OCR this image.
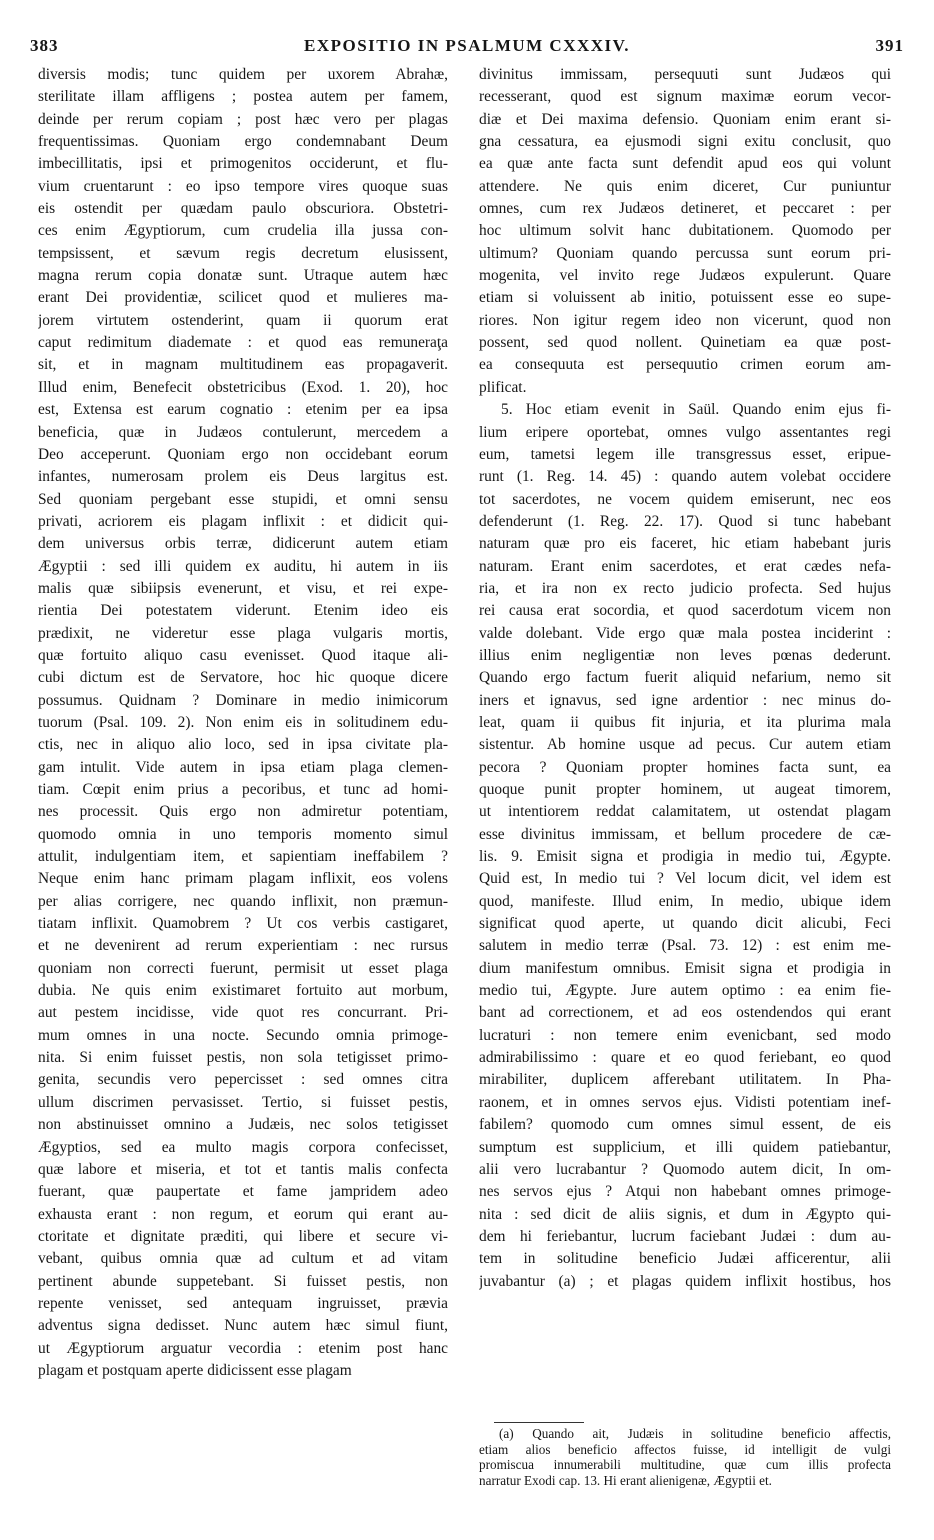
383	EXPOSITIO IN PSALMUM CXXXIV.	391
diversis modis; tunc quidem per uxorem Abrahæ,
sterilitate illam affligens ; postea autem per famem,
deinde per rerum copiam ; post hæc vero per plagas
frequentissimas. Quoniam ergo condemnabant Deum
imbecillitatis, ipsi et primogenitos occiderunt, et flu-
vium cruentarunt : eo ipso tempore vires quoque suas
eis ostendit per quædam paulo obscuriora. Obstetri-
ces enim Ægyptiorum, cum crudelia illa jussa con-
tempsissent, et sævum regis decretum elusissent,
magna rerum copia donatæ sunt. Utraque autem hæc
erant Dei providentiæ, scilicet quod et mulieres ma-
jorem virtutem ostenderint, quam ii quorum erat
caput redimitum diademate : et quod eas remuneraţa
sit, et in magnam multitudinem eas propagaverit.
Illud enim, Benefecit obstetricibus (Exod. 1. 20), hoc
est, Extensa est earum cognatio : etenim per ea ipsa
beneficia, quæ in Judæos contulerunt, mercedem a
Deo acceperunt. Quoniam ergo non occidebant eorum
infantes, numerosam prolem eis Deus largitus est.
Sed quoniam pergebant esse stupidi, et omni sensu
privati, acriorem eis plagam inflixit : et didicit qui-
dem universus orbis terræ, didicerunt autem etiam
Ægyptii : sed illi quidem ex auditu, hi autem in iis
malis quæ sibiipsis evenerunt, et visu, et rei expe-
rientia Dei potestatem viderunt. Etenim ideo eis
prædixit, ne videretur esse plaga vulgaris mortis,
quæ fortuito aliquo casu evenisset. Quod itaque ali-
cubi dictum est de Servatore, hoc hic quoque dicere
possumus. Quidnam ? Dominare in medio inimicorum
tuorum (Psal. 109. 2). Non enim eis in solitudinem edu-
ctis, nec in aliquo alio loco, sed in ipsa civitate pla-
gam intulit. Vide autem in ipsa etiam plaga clemen-
tiam. Cœpit enim prius a pecoribus, et tunc ad homi-
nes processit. Quis ergo non admiretur potentiam,
quomodo omnia in uno temporis momento simul
attulit, indulgentiam item, et sapientiam ineffabilem ?
Neque enim hanc primam plagam inflixit, eos volens
per alias corrigere, nec quando inflixit, non præmun-
tiatam inflixit. Quamobrem ? Ut cos verbis castigaret,
et ne devenirent ad rerum experientiam : nec rursus
quoniam non correcti fuerunt, permisit ut esset plaga
dubia. Ne quis enim existimaret fortuito aut morbum,
aut pestem incidisse, vide quot res concurrant. Pri-
mum omnes in una nocte. Secundo omnia primoge-
nita. Si enim fuisset pestis, non sola tetigisset primo-
genita, secundis vero pepercisset : sed omnes citra
ullum discrimen pervasisset. Tertio, si fuisset pestis,
non abstinuisset omnino a Judæis, nec solos tetigisset
Ægyptios, sed ea multo magis corpora confecisset,
quæ labore et miseria, et tot et tantis malis confecta
fuerant, quæ paupertate et fame jampridem adeo
exhausta erant : non regum, et eorum qui erant au-
ctoritate et dignitate præditi, qui libere et secure vi-
vebant, quibus omnia quæ ad cultum et ad vitam
pertinent abunde suppetebant. Si fuisset pestis, non
repente venisset, sed antequam ingruisset, prævia
adventus signa dedisset. Nunc autem hæc simul fiunt,
ut Ægyptiorum arguatur vecordia : etenim post hanc
plagam et postquam aperte didicissent esse plagam
divinitus immissam, persequuti sunt Judæos qui
recesserant, quod est signum maximæ eorum vecor-
diæ et Dei maxima defensio. Quoniam enim erant si-
gna cessatura, ea ejusmodi signi exitu conclusit, quo
ea quæ ante facta sunt defendit apud eos qui volunt
attendere. Ne quis enim diceret, Cur puniuntur
omnes, cum rex Judæos detineret, et peccaret : per
hoc ultimum solvit hanc dubitationem. Quomodo per
ultimum? Quoniam quando percussa sunt eorum pri-
mogenita, vel invito rege Judæos expulerunt. Quare
etiam si voluissent ab initio, potuissent esse eo supe-
riores. Non igitur regem ideo non vicerunt, quod non
possent, sed quod nollent. Quinetiam ea quæ post-
ea consequuta est persequutio crimen eorum am-
plificat.
5. Hoc etiam evenit in Saül. Quando enim ejus fi-
lium eripere oportebat, omnes vulgo assentantes regi
eum, tametsi legem ille transgressus esset, eripue-
runt (1. Reg. 14. 45) : quando autem volebat occidere
tot sacerdotes, ne vocem quidem emiserunt, nec eos
defenderunt (1. Reg. 22. 17). Quod si tunc habebant
naturam quæ pro eis faceret, hic etiam habebant juris
naturam. Erant enim sacerdotes, et erat cædes nefa-
ria, et ira non ex recto judicio profecta. Sed hujus
rei causa erat socordia, et quod sacerdotum vicem non
valde dolebant. Vide ergo quæ mala postea inciderint :
illius enim negligentiæ non leves pœnas dederunt.
Quando ergo factum fuerit aliquid nefarium, nemo sit
iners et ignavus, sed igne ardentior : nec minus do-
leat, quam ii quibus fit injuria, et ita plurima mala
sistentur. Ab homine usque ad pecus. Cur autem etiam
pecora ? Quoniam propter homines facta sunt, ea
quoque punit propter hominem, ut augeat timorem,
ut intentiorem reddat calamitatem, ut ostendat plagam
esse divinitus immissam, et bellum procedere de cæ-
lis. 9. Emisit signa et prodigia in medio tui, Ægypte.
Quid est, In medio tui ? Vel locum dicit, vel idem est
quod, manifeste. Illud enim, In medio, ubique idem
significat quod aperte, ut quando dicit alicubi, Feci
salutem in medio terræ (Psal. 73. 12) : est enim me-
dium manifestum omnibus. Emisit signa et prodigia in
medio tui, Ægypte. Jure autem optimo : ea enim fie-
bant ad correctionem, et ad eos ostendendos qui erant
lucraturi : non temere enim evenicbant, sed modo
admirabilissimo : quare et eo quod feriebant, eo quod
mirabiliter, duplicem afferebant utilitatem. In Pha-
raonem, et in omnes servos ejus. Vidisti potentiam inef-
fabilem? quomodo cum omnes simul essent, de eis
sumptum est supplicium, et illi quidem patiebantur,
alii vero lucrabantur ? Quomodo autem dicit, In om-
nes servos ejus ? Atqui non habebant omnes primoge-
nita : sed dicit de aliis signis, et dum in Ægypto qui-
dem hi feriebantur, lucrum faciebant Judæi : dum au-
tem in solitudine beneficio Judæi afficerentur, alii
juvabantur (a) ; et plagas quidem inflixit hostibus, hos
(a) Quando ait, Judæis in solitudine beneficio affectis,
etiam alios beneficio affectos fuisse, id intelligit de vulgi
promiscua innumerabili multitudine, quæ cum illis profecta
narratur Exodi cap. 13. Hi erant alienigenæ, Ægyptii et.
